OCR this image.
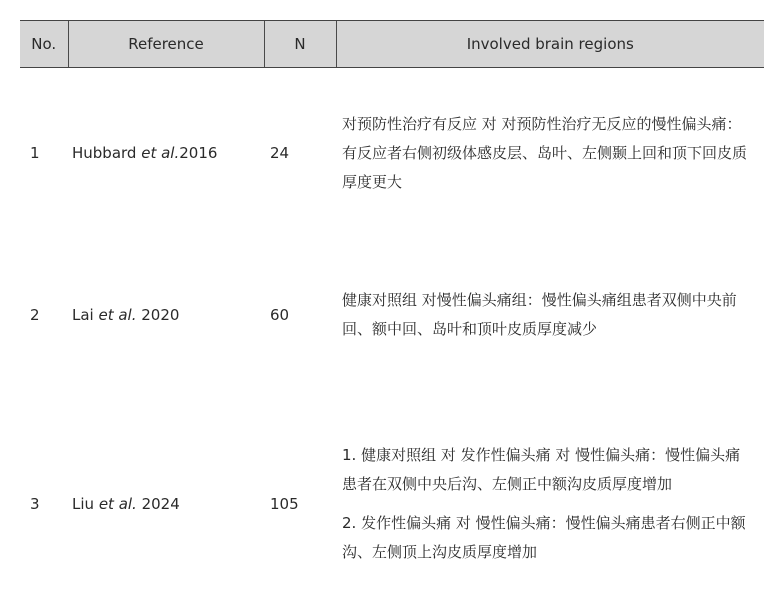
No.	Reference	N	Involved brain regions
1	Hubbard et al.2016	24	对预防性治疗有反应 对 对预防性治疗无反应的慢性偏头痛：有反应者右侧初级体感皮层、岛叶、左侧颞上回和顶下回皮质厚度更大

2	Lai et al. 2020	60	健康对照组 对慢性偏头痛组：慢性偏头痛组患者双侧中央前回、额中回、岛叶和顶叶皮质厚度减少

3	Liu et al. 2024	105	1. 健康对照组 对 发作性偏头痛 对 慢性偏头痛：慢性偏头痛患者在双侧中央后沟、左侧正中额沟皮质厚度增加

2. 发作性偏头痛 对 慢性偏头痛：慢性偏头痛患者右侧正中额沟、左侧顶上沟皮质厚度增加
